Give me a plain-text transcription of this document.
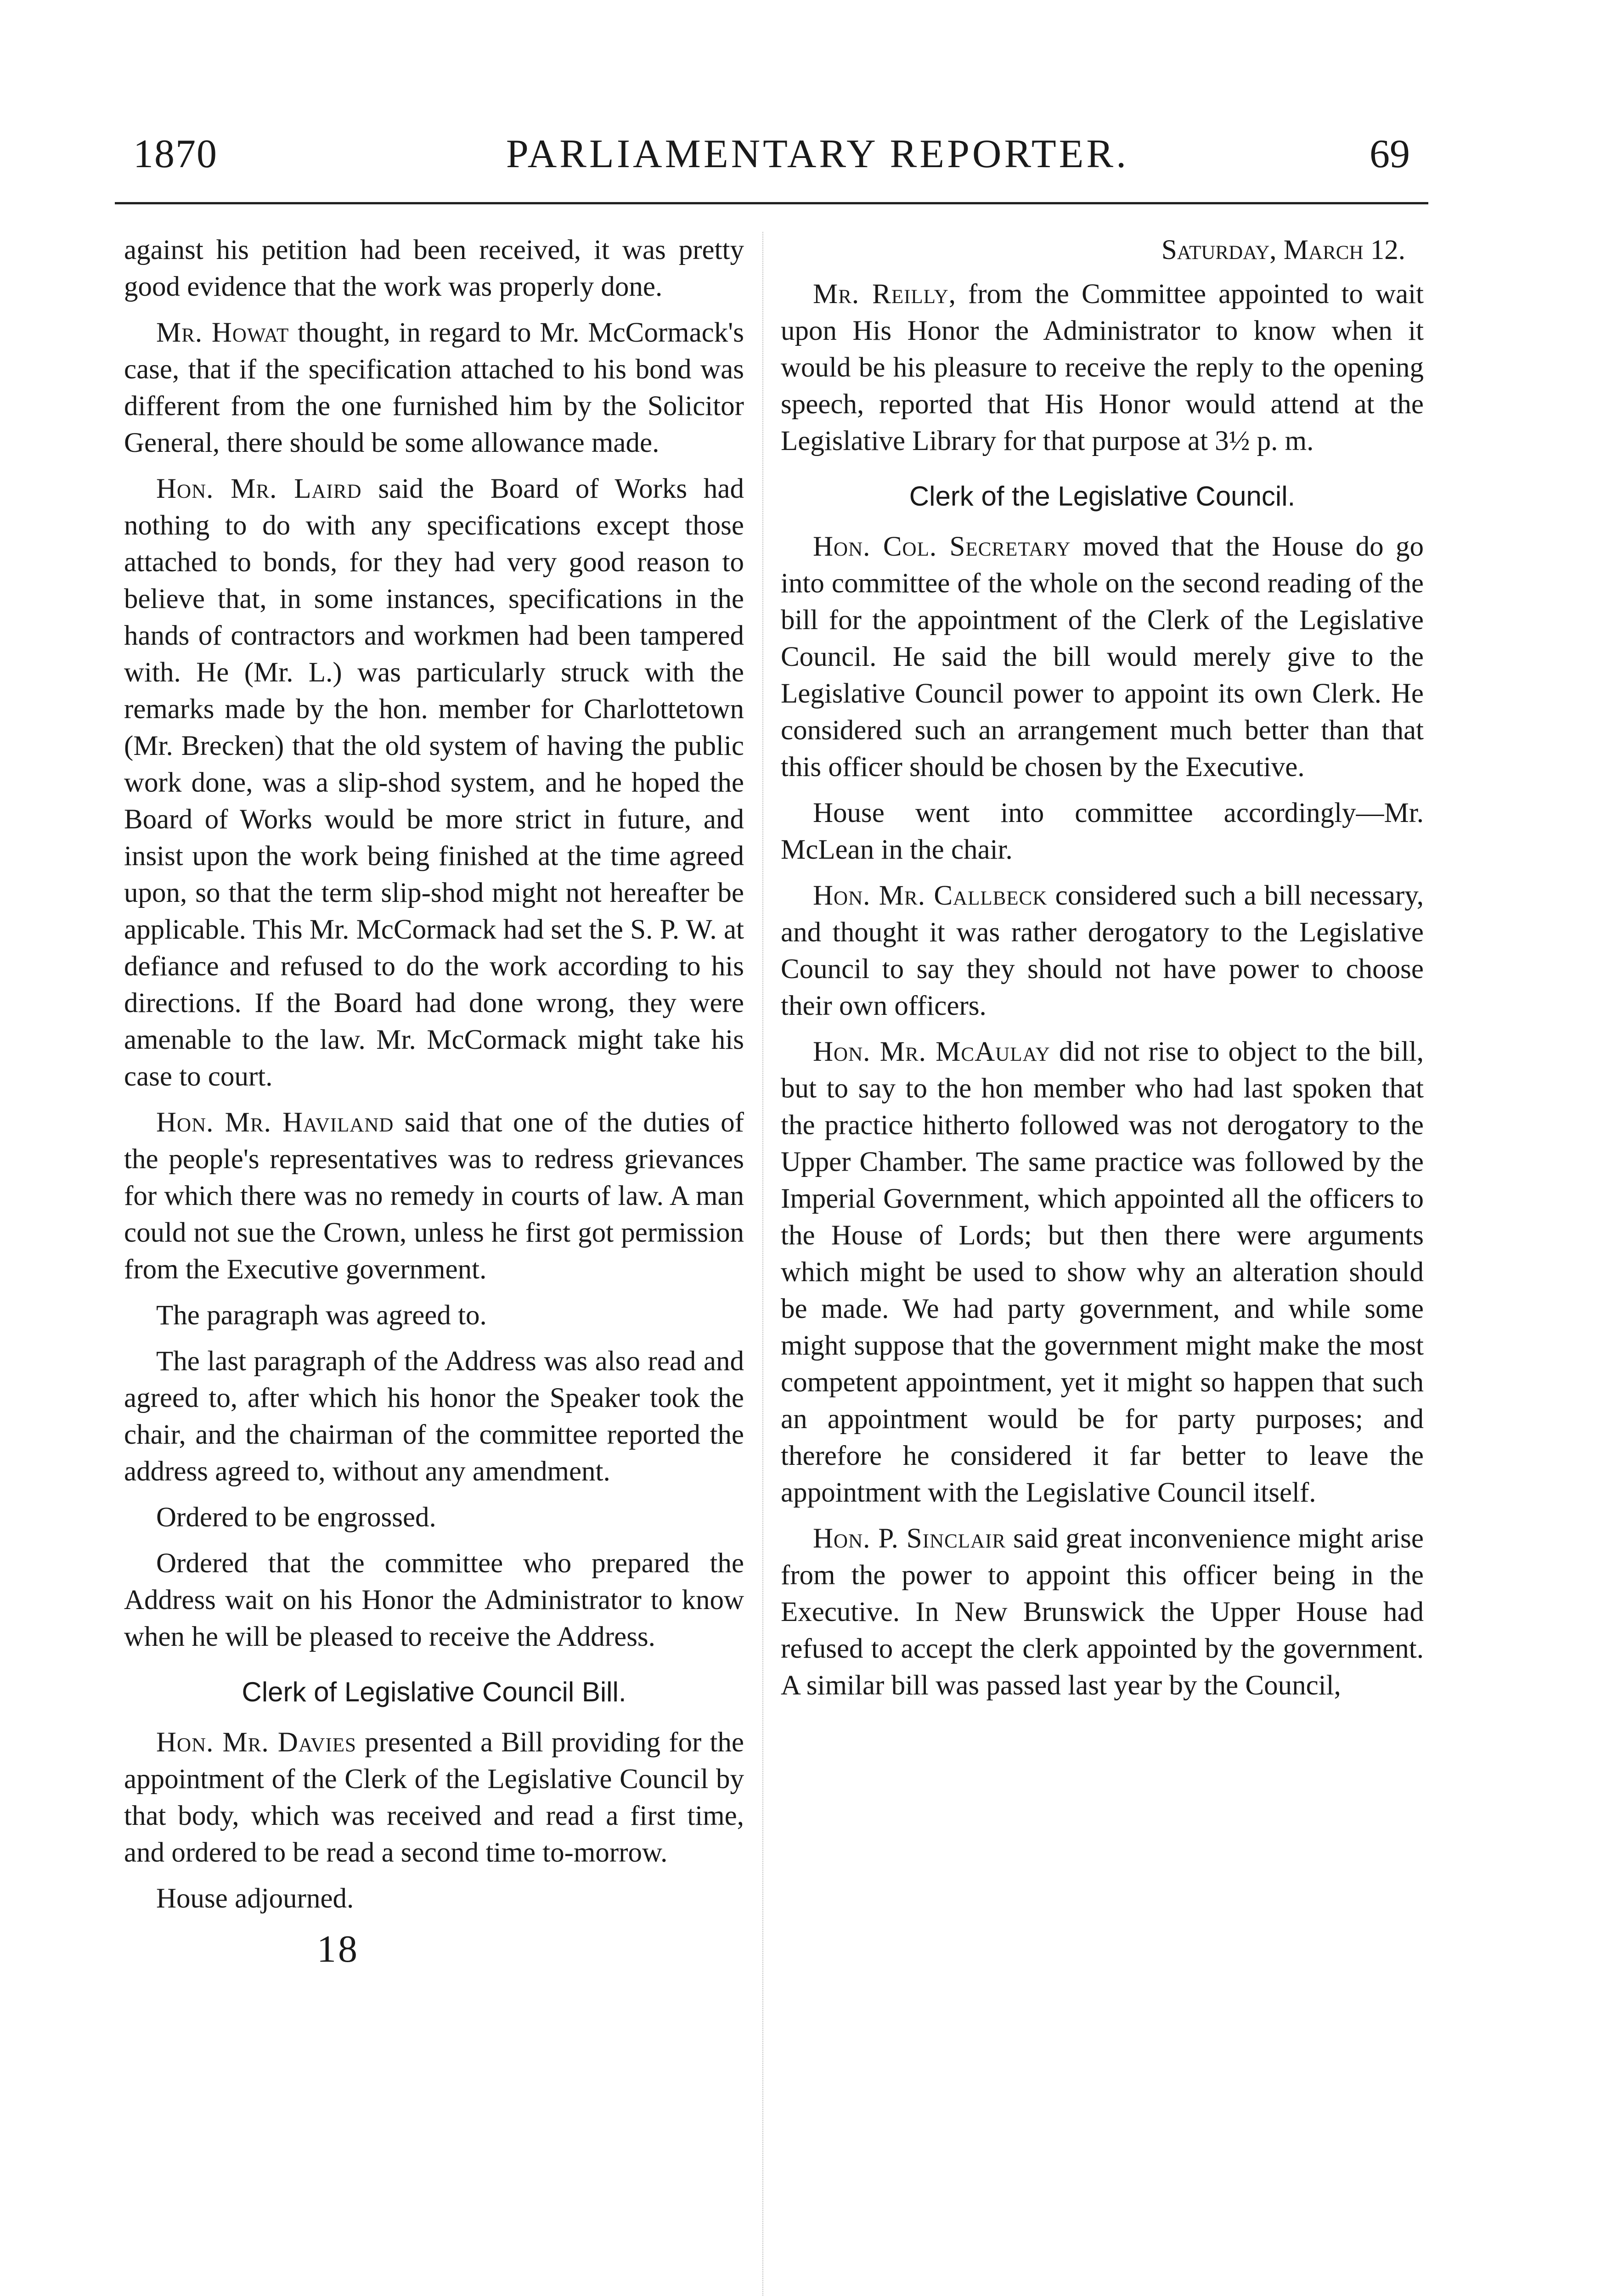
1870	PARLIAMENTARY REPORTER.	69

against his petition had been received, it was pretty good evidence that the work was properly done.

Mr. Howat thought, in regard to Mr. McCormack's case, that if the specification attached to his bond was different from the one furnished him by the Solicitor General, there should be some allowance made.

Hon. Mr. Laird said the Board of Works had nothing to do with any specifications except those attached to bonds, for they had very good reason to believe that, in some instances, specifications in the hands of contractors and workmen had been tampered with. He (Mr. L.) was particularly struck with the remarks made by the hon. member for Charlottetown (Mr. Brecken) that the old system of having the public work done, was a slip-shod system, and he hoped the Board of Works would be more strict in future, and insist upon the work being finished at the time agreed upon, so that the term slip-shod might not hereafter be applicable. This Mr. McCormack had set the S. P. W. at defiance and refused to do the work according to his directions. If the Board had done wrong, they were amenable to the law. Mr. McCormack might take his case to court.

Hon. Mr. Haviland said that one of the duties of the people's representatives was to redress grievances for which there was no remedy in courts of law. A man could not sue the Crown, unless he first got permission from the Executive government.

The paragraph was agreed to.

The last paragraph of the Address was also read and agreed to, after which his honor the Speaker took the chair, and the chairman of the committee reported the address agreed to, without any amendment.

Ordered to be engrossed.

Ordered that the committee who prepared the Address wait on his Honor the Administrator to know when he will be pleased to receive the Address.

Clerk of Legislative Council Bill.

Hon. Mr. Davies presented a Bill providing for the appointment of the Clerk of the Legislative Council by that body, which was received and read a first time, and ordered to be read a second time to-morrow.

House adjourned.

18
Saturday, March 12.

Mr. Reilly, from the Committee appointed to wait upon His Honor the Administrator to know when it would be his pleasure to receive the reply to the opening speech, reported that His Honor would attend at the Legislative Library for that purpose at 3½ p. m.

Clerk of the Legislative Council.

Hon. Col. Secretary moved that the House do go into committee of the whole on the second reading of the bill for the appointment of the Clerk of the Legislative Council. He said the bill would merely give to the Legislative Council power to appoint its own Clerk. He considered such an arrangement much better than that this officer should be chosen by the Executive.

House went into committee accordingly—Mr. McLean in the chair.

Hon. Mr. Callbeck considered such a bill necessary, and thought it was rather derogatory to the Legislative Council to say they should not have power to choose their own officers.

Hon. Mr. McAulay did not rise to object to the bill, but to say to the hon member who had last spoken that the practice hitherto followed was not derogatory to the Upper Chamber. The same practice was followed by the Imperial Government, which appointed all the officers to the House of Lords; but then there were arguments which might be used to show why an alteration should be made. We had party government, and while some might suppose that the government might make the most competent appointment, yet it might so happen that such an appointment would be for party purposes; and therefore he considered it far better to leave the appointment with the Legislative Council itself.

Hon. P. Sinclair said great inconvenience might arise from the power to appoint this officer being in the Executive. In New Brunswick the Upper House had refused to accept the clerk appointed by the government. A similar bill was passed last year by the Council,
